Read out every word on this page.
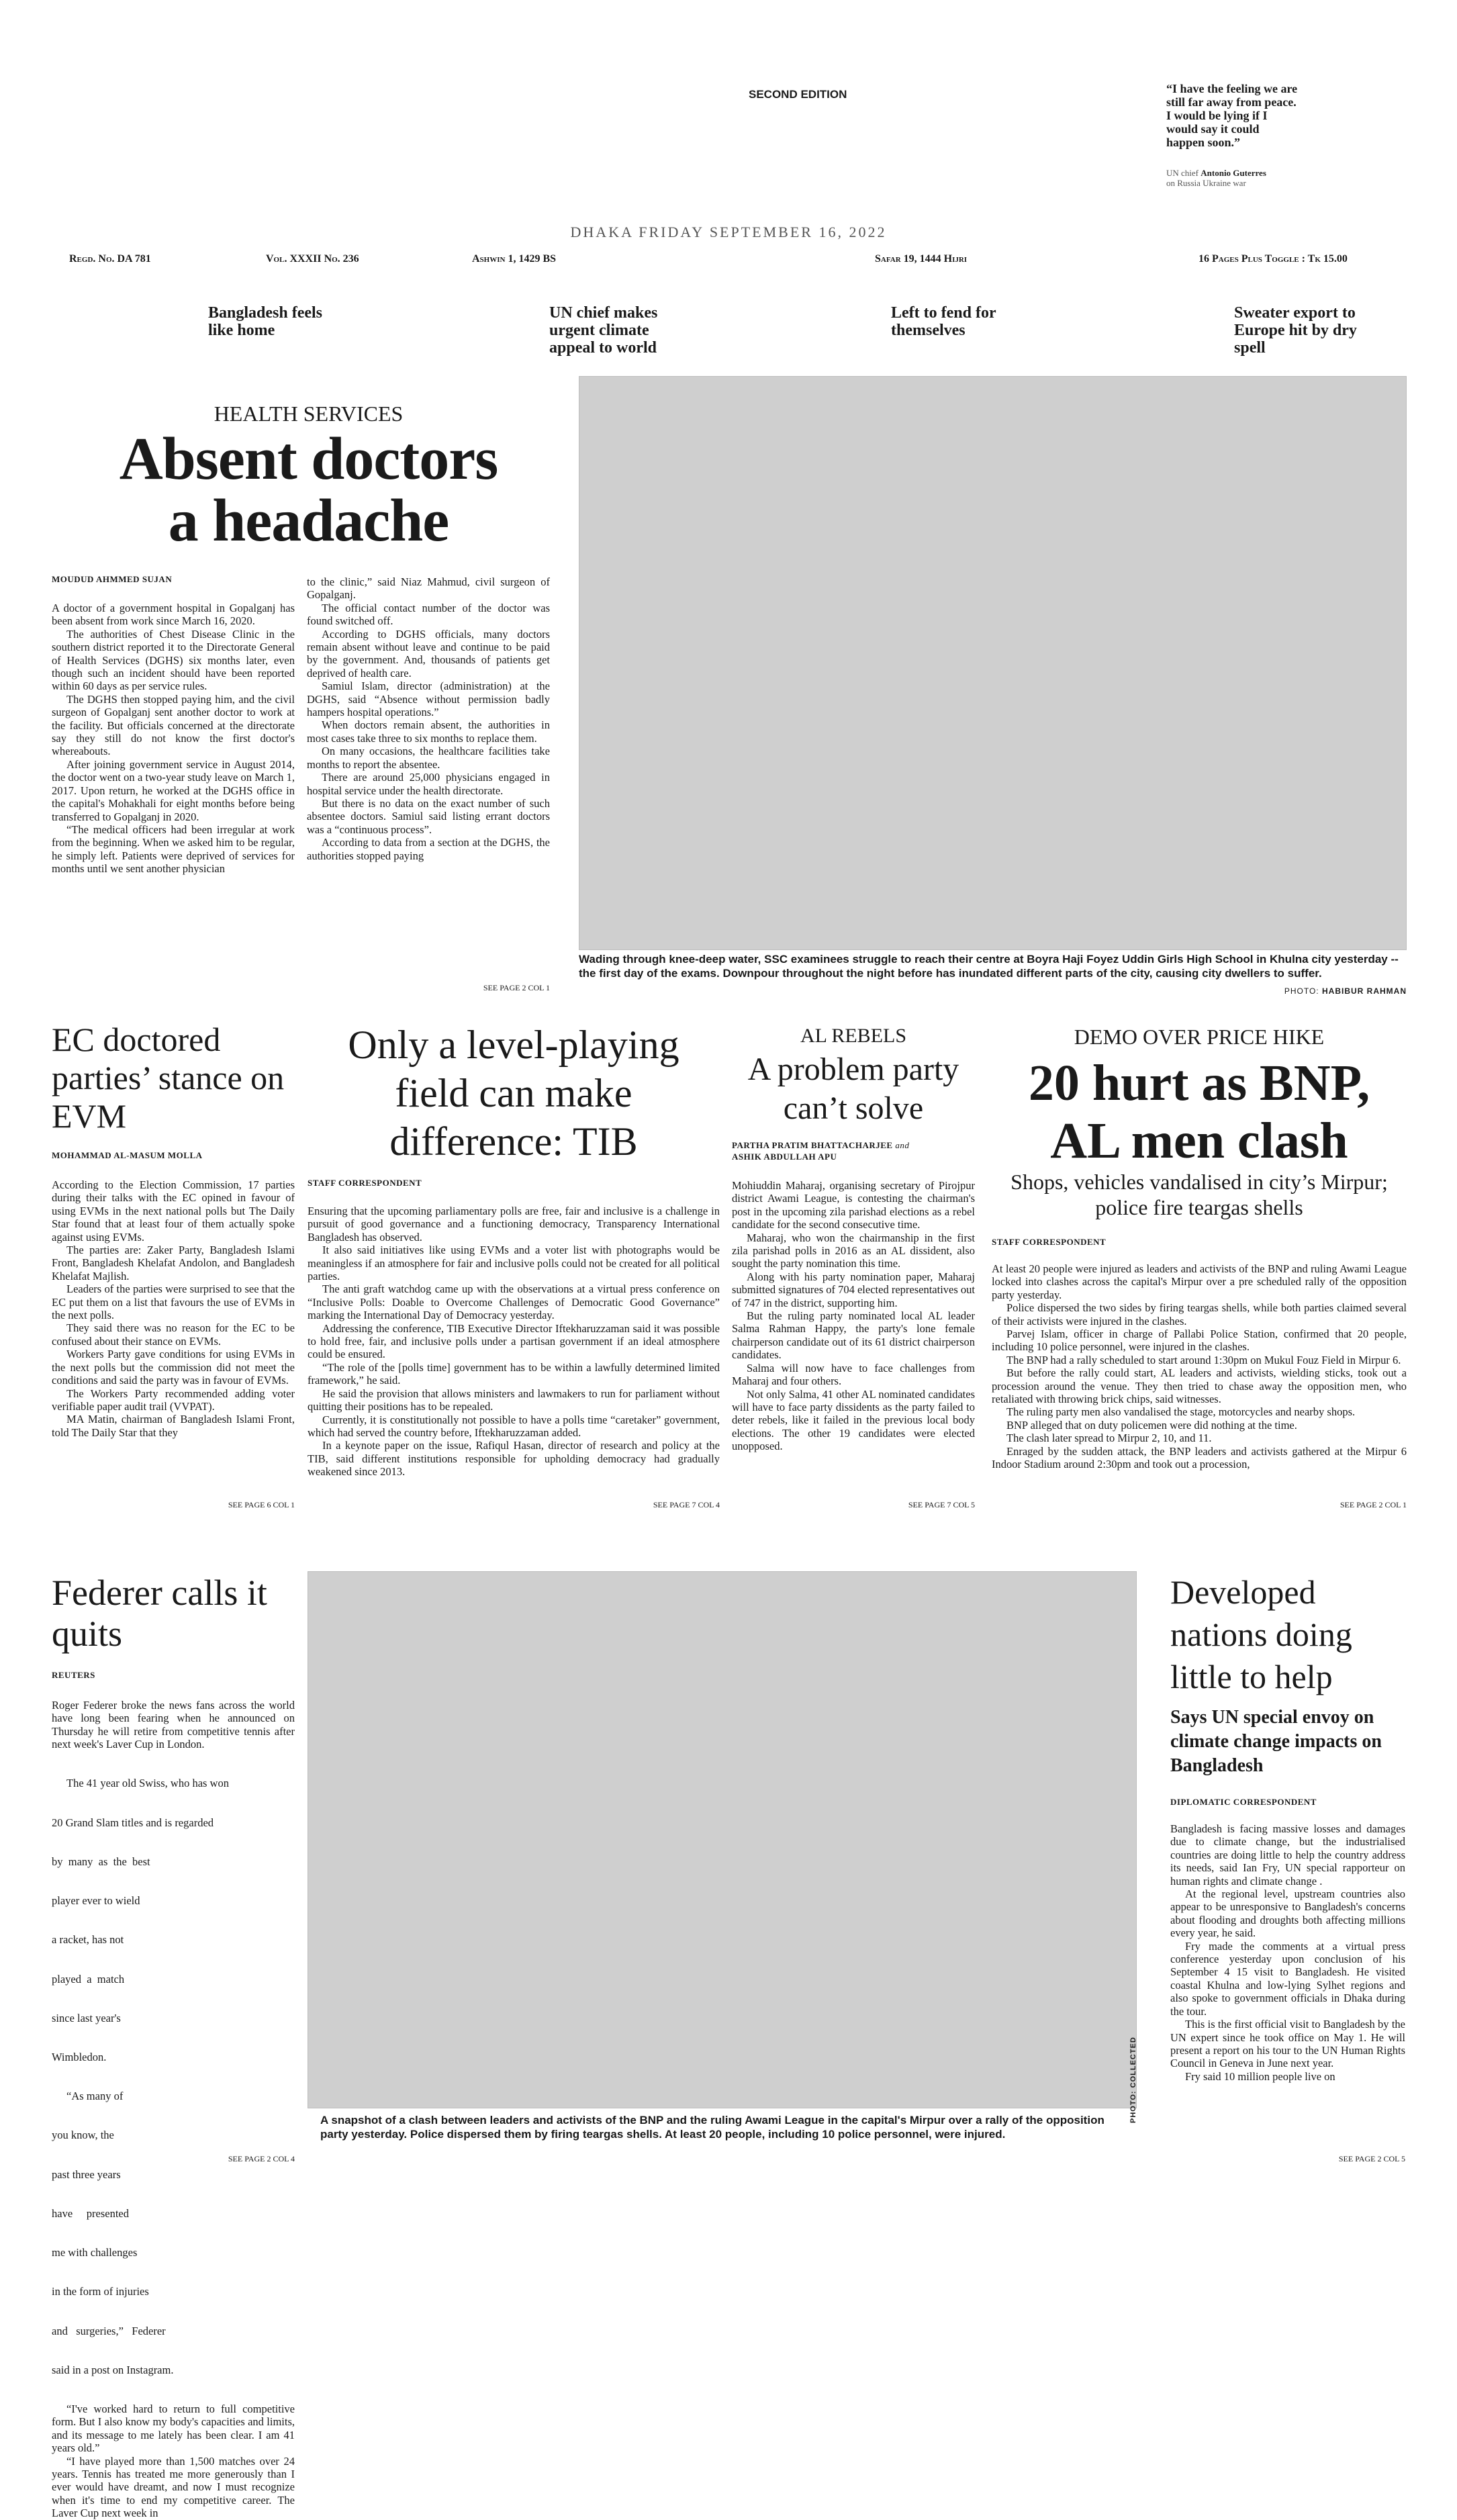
SECOND EDITION	“I have the feeling we are still far away from peace. I would be lying if I would say it could happen soon.”
UN chief Antonio Guterres
on Russia Ukraine war
DHAKA FRIDAY SEPTEMBER 16, 2022
Regd. No. DA 781	Vol. XXXII No. 236	Ashwin 1, 1429 BS	Safar 19, 1444 Hijri	16 Pages Plus Toggle : Tk 15.00
Bangladesh feels like home
UN chief makes urgent climate appeal to world
Left to fend for themselves
Sweater export to Europe hit by dry spell
HEALTH SERVICES
Absent doctors
a headache
MOUDUD AHMMED SUJAN

A doctor of a government hospital in Gopalganj has been absent from work since March 16, 2020.

The authorities of Chest Disease Clinic in the southern district reported it to the Directorate General of Health Services (DGHS) six months later, even though such an incident should have been reported within 60 days as per service rules.

The DGHS then stopped paying him, and the civil surgeon of Gopalganj sent another doctor to work at the facility. But officials concerned at the directorate say they still do not know the first doctor's whereabouts.

After joining government service in August 2014, the doctor went on a two-year study leave on March 1, 2017. Upon return, he worked at the DGHS office in the capital's Mohakhali for eight months before being transferred to Gopalganj in 2020.

“The medical officers had been irregular at work from the beginning. When we asked him to be regular, he simply left. Patients were deprived of services for months until we sent another physician

to the clinic,” said Niaz Mahmud, civil surgeon of Gopalganj.

The official contact number of the doctor was found switched off.

According to DGHS officials, many doctors remain absent without leave and continue to be paid by the government. And, thousands of patients get deprived of health care.

Samiul Islam, director (administration) at the DGHS, said “Absence without permission badly hampers hospital operations.”

When doctors remain absent, the authorities in most cases take three to six months to replace them.

On many occasions, the healthcare facilities take months to report the absentee.

There are around 25,000 physicians engaged in hospital service under the health directorate.

But there is no data on the exact number of such absentee doctors. Samiul said listing errant doctors was a “continuous process”.

According to data from a section at the DGHS, the authorities stopped paying

SEE PAGE 2 COL 1
Wading through knee-deep water, SSC examinees struggle to reach their centre at Boyra Haji Foyez Uddin Girls High School in Khulna city yesterday -- the first day of the exams. Downpour throughout the night before has inundated different parts of the city, causing city dwellers to suffer.
PHOTO: HABIBUR RAHMAN
EC doctored parties’ stance on EVM
MOHAMMAD AL-MASUM MOLLA

According to the Election Commission, 17 parties during their talks with the EC opined in favour of using EVMs in the next national polls but The Daily Star found that at least four of them actually spoke against using EVMs.

The parties are: Zaker Party, Bangladesh Islami Front, Bangladesh Khelafat Andolon, and Bangladesh Khelafat Majlish.

Leaders of the parties were surprised to see that the EC put them on a list that favours the use of EVMs in the next polls.

They said there was no reason for the EC to be confused about their stance on EVMs.

Workers Party gave conditions for using EVMs in the next polls but the commission did not meet the conditions and said the party was in favour of EVMs.

The Workers Party recommended adding voter verifiable paper audit trail (VVPAT).

MA Matin, chairman of Bangladesh Islami Front, told The Daily Star that they

SEE PAGE 6 COL 1
Only a level-playing field can make difference: TIB
STAFF CORRESPONDENT

Ensuring that the upcoming parliamentary polls are free, fair and inclusive is a challenge in pursuit of good governance and a functioning democracy, Transparency International Bangladesh has observed.

It also said initiatives like using EVMs and a voter list with photographs would be meaningless if an atmosphere for fair and inclusive polls could not be created for all political parties.

The anti graft watchdog came up with the observations at a virtual press conference on “Inclusive Polls: Doable to Overcome Challenges of Democratic Good Governance” marking the International Day of Democracy yesterday.

Addressing the conference, TIB Executive Director Iftekharuzzaman said it was possible to hold free, fair, and inclusive polls under a partisan government if an ideal atmosphere could be ensured.

“The role of the [polls time] government has to be within a lawfully determined limited framework,” he said.

He said the provision that allows ministers and lawmakers to run for parliament without quitting their positions has to be repealed.

Currently, it is constitutionally not possible to have a polls time “caretaker” government, which had served the country before, Iftekharuzzaman added.

In a keynote paper on the issue, Rafiqul Hasan, director of research and policy at the TIB, said different institutions responsible for upholding democracy had gradually weakened since 2013.

SEE PAGE 7 COL 4
AL REBELS
A problem party can’t solve
PARTHA PRATIM BHATTACHARJEE and
ASHIK ABDULLAH APU

Mohiuddin Maharaj, organising secretary of Pirojpur district Awami League, is contesting the chairman's post in the upcoming zila parishad elections as a rebel candidate for the second consecutive time.

Maharaj, who won the chairmanship in the first zila parishad polls in 2016 as an AL dissident, also sought the party nomination this time.

Along with his party nomination paper, Maharaj submitted signatures of 704 elected representatives out of 747 in the district, supporting him.

But the ruling party nominated local AL leader Salma Rahman Happy, the party's lone female chairperson candidate out of its 61 district chairperson candidates.

Salma will now have to face challenges from Maharaj and four others.

Not only Salma, 41 other AL nominated candidates will have to face party dissidents as the party failed to deter rebels, like it failed in the previous local body elections. The other 19 candidates were elected unopposed.

SEE PAGE 7 COL 5
DEMO OVER PRICE HIKE
20 hurt as BNP,
AL men clash
Shops, vehicles vandalised in city’s Mirpur; police fire teargas shells
STAFF CORRESPONDENT

At least 20 people were injured as leaders and activists of the BNP and ruling Awami League locked into clashes across the capital's Mirpur over a pre scheduled rally of the opposition party yesterday.

Police dispersed the two sides by firing teargas shells, while both parties claimed several of their activists were injured in the clashes.

Parvej Islam, officer in charge of Pallabi Police Station, confirmed that 20 people, including 10 police personnel, were injured in the clashes.

The BNP had a rally scheduled to start around 1:30pm on Mukul Fouz Field in Mirpur 6.

But before the rally could start, AL leaders and activists, wielding sticks, took out a procession around the venue. They then tried to chase away the opposition men, who retaliated with throwing brick chips, said witnesses.

The ruling party men also vandalised the stage, motorcycles and nearby shops.

BNP alleged that on duty policemen were did nothing at the time.

The clash later spread to Mirpur 2, 10, and 11.

Enraged by the sudden attack, the BNP leaders and activists gathered at the Mirpur 6 Indoor Stadium around 2:30pm and took out a procession,

SEE PAGE 2 COL 1
Federer calls it quits
REUTERS

Roger Federer broke the news fans across the world have long been fearing when he announced on Thursday he will retire from competitive tennis after next week's Laver Cup in London.

The 41 year old Swiss, who has won

20 Grand Slam titles and is regarded

by  many  as  the  best

player ever to wield

a racket, has not

played  a  match

since last year's

Wimbledon.

“As many of

you know, the

past three years

have     presented

me with challenges

in the form of injuries

and   surgeries,”   Federer

said in a post on Instagram.

“I've worked hard to return to full competitive form. But I also know my body's capacities and limits, and its message to me lately has been clear. I am 41 years old.”

“I have played more than 1,500 matches over 24 years. Tennis has treated me more generously than I ever would have dreamt, and now I must recognize when it's time to end my competitive career. The Laver Cup next week in

SEE PAGE 2 COL 4
PHOTO: COLLECTED
A snapshot of a clash between leaders and activists of the BNP and the ruling Awami League in the capital's Mirpur over a rally of the opposition party yesterday. Police dispersed them by firing teargas shells. At least 20 people, including 10 police personnel, were injured.
Developed nations doing little to help
Says UN special envoy on climate change impacts on Bangladesh
DIPLOMATIC CORRESPONDENT

Bangladesh is facing massive losses and damages due to climate change, but the industrialised countries are doing little to help the country address its needs, said Ian Fry, UN special rapporteur on human rights and climate change .

At the regional level, upstream countries also appear to be unresponsive to Bangladesh's concerns about flooding and droughts both affecting millions every year, he said.

Fry made the comments at a virtual press conference yesterday upon conclusion of his September 4 15 visit to Bangladesh. He visited coastal Khulna and low-lying Sylhet regions and also spoke to government officials in Dhaka during the tour.

This is the first official visit to Bangladesh by the UN expert since he took office on May 1. He will present a report on his tour to the UN Human Rights Council in Geneva in June next year.

Fry said 10 million people live on

SEE PAGE 2 COL 5
